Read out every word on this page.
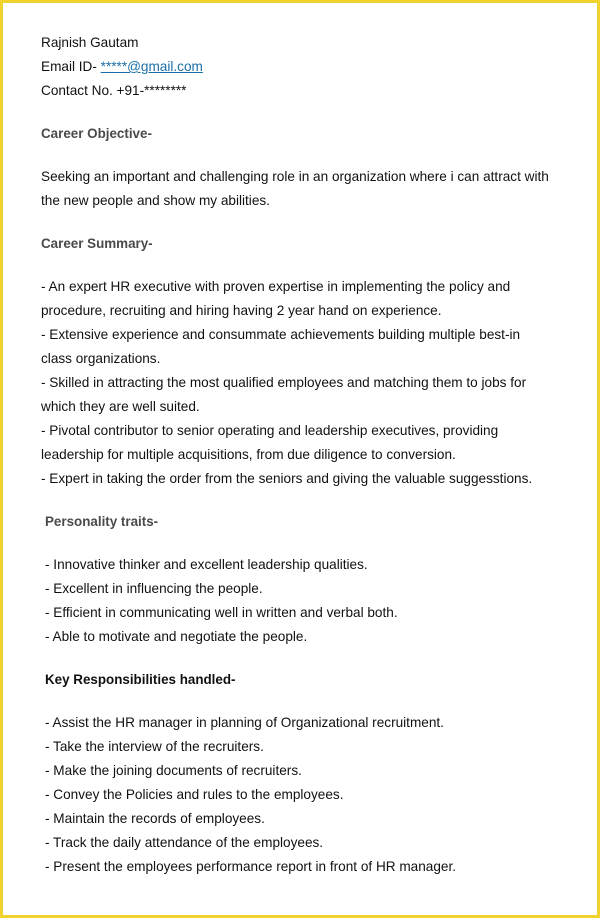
Rajnish Gautam
Email ID- *****@gmail.com
Contact No. +91-********
Career Objective-
Seeking an important and challenging role in an organization where i can attract with
the new people and show my abilities.
Career Summary-
- An expert HR executive with proven expertise in implementing the policy and
procedure, recruiting and hiring having 2 year hand on experience.
- Extensive experience and consummate achievements building multiple best-in
class organizations.
- Skilled in attracting the most qualified employees and matching them to jobs for
which they are well suited.
- Pivotal contributor to senior operating and leadership executives, providing
leadership for multiple acquisitions, from due diligence to conversion.
- Expert in taking the order from the seniors and giving the valuable suggesstions.
Personality traits-
- Innovative thinker and excellent leadership qualities.
- Excellent in influencing the people.
- Efficient in communicating well in written and verbal both.
- Able to motivate and negotiate the people.
Key Responsibilities handled-
- Assist the HR manager in planning of Organizational recruitment.
- Take the interview of the recruiters.
- Make the joining documents of recruiters.
- Convey the Policies and rules to the employees.
- Maintain the records of employees.
- Track the daily attendance of the employees.
- Present the employees performance report in front of HR manager.
